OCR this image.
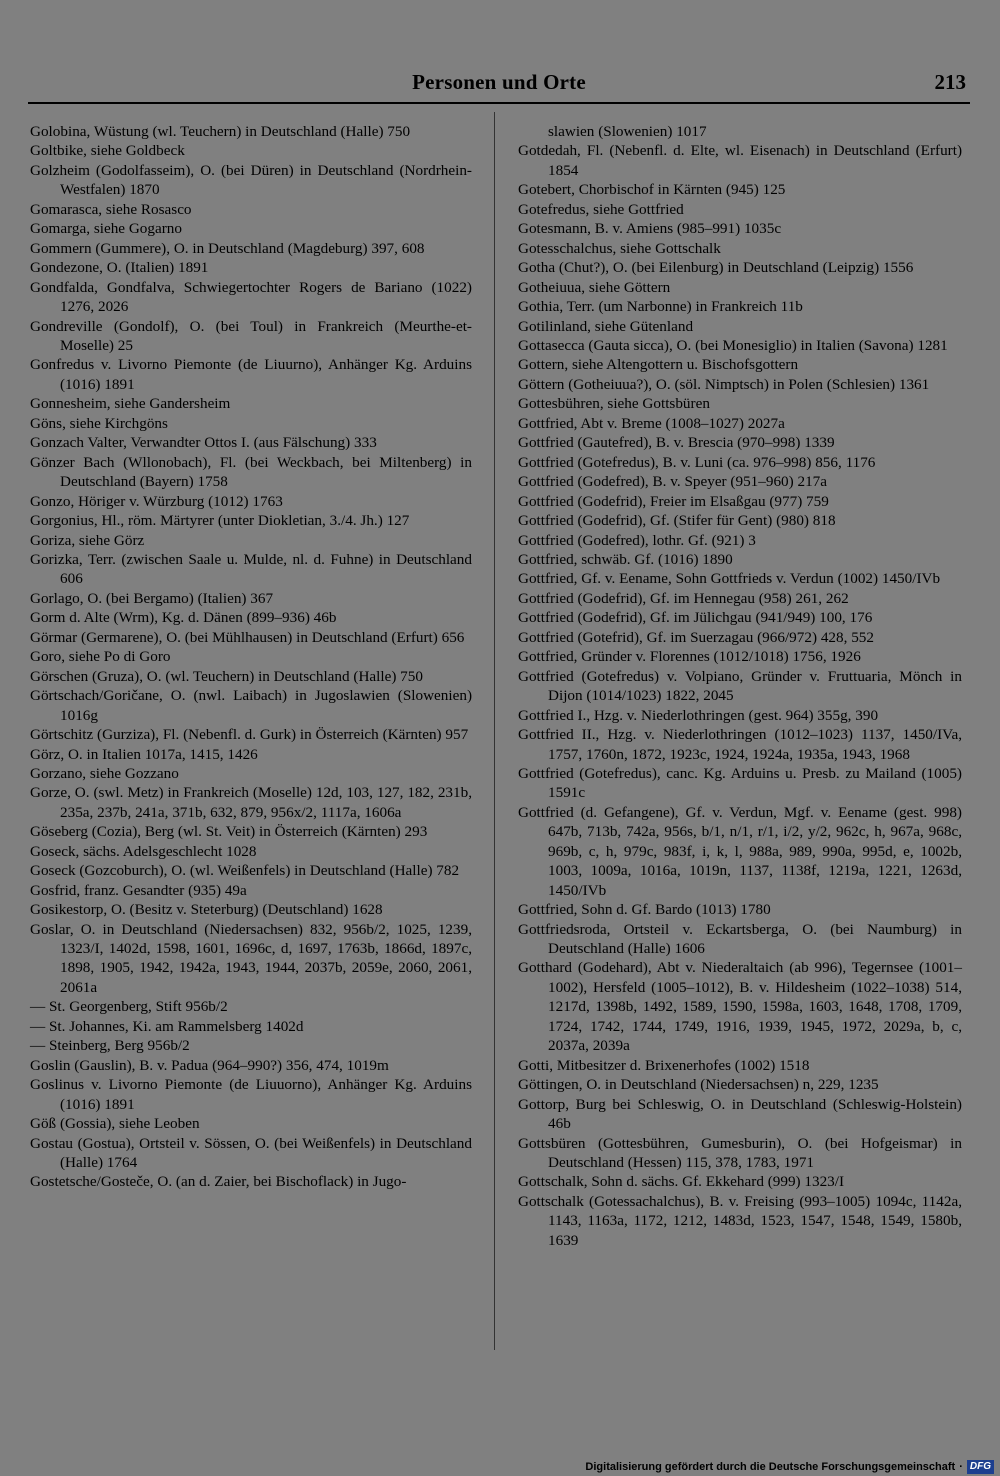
Personen und Orte	213

Golobina, Wüstung (wl. Teuchern) in Deutschland (Halle) 750

Goltbike, siehe Goldbeck

Golzheim (Godolfasseim), O. (bei Düren) in Deutschland (Nordrhein-Westfalen) 1870

Gomarasca, siehe Rosasco

Gomarga, siehe Gogarno

Gommern (Gummere), O. in Deutschland (Magdeburg) 397, 608

Gondezone, O. (Italien) 1891

Gondfalda, Gondfalva, Schwiegertochter Rogers de Bariano (1022) 1276, 2026

Gondreville (Gondolf), O. (bei Toul) in Frankreich (Meurthe-et-Moselle) 25

Gonfredus v. Livorno Piemonte (de Liuurno), Anhänger Kg. Arduins (1016) 1891

Gonnesheim, siehe Gandersheim

Göns, siehe Kirchgöns

Gonzach Valter, Verwandter Ottos I. (aus Fälschung) 333

Gönzer Bach (Wllonobach), Fl. (bei Weckbach, bei Miltenberg) in Deutschland (Bayern) 1758

Gonzo, Höriger v. Würzburg (1012) 1763

Gorgonius, Hl., röm. Märtyrer (unter Diokletian, 3./4. Jh.) 127

Goriza, siehe Görz

Gorizka, Terr. (zwischen Saale u. Mulde, nl. d. Fuhne) in Deutschland 606

Gorlago, O. (bei Bergamo) (Italien) 367

Gorm d. Alte (Wrm), Kg. d. Dänen (899–936) 46b

Görmar (Germarene), O. (bei Mühlhausen) in Deutschland (Erfurt) 656

Goro, siehe Po di Goro

Görschen (Gruza), O. (wl. Teuchern) in Deutschland (Halle) 750

Görtschach/Goričane, O. (nwl. Laibach) in Jugoslawien (Slowenien) 1016g

Görtschitz (Gurziza), Fl. (Nebenfl. d. Gurk) in Österreich (Kärnten) 957

Görz, O. in Italien 1017a, 1415, 1426

Gorzano, siehe Gozzano

Gorze, O. (swl. Metz) in Frankreich (Moselle) 12d, 103, 127, 182, 231b, 235a, 237b, 241a, 371b, 632, 879, 956x/2, 1117a, 1606a

Göseberg (Cozia), Berg (wl. St. Veit) in Österreich (Kärnten) 293

Goseck, sächs. Adelsgeschlecht 1028

Goseck (Gozcoburch), O. (wl. Weißenfels) in Deutschland (Halle) 782

Gosfrid, franz. Gesandter (935) 49a

Gosikestorp, O. (Besitz v. Steterburg) (Deutschland) 1628

Goslar, O. in Deutschland (Niedersachsen) 832, 956b/2, 1025, 1239, 1323/I, 1402d, 1598, 1601, 1696c, d, 1697, 1763b, 1866d, 1897c, 1898, 1905, 1942, 1942a, 1943, 1944, 2037b, 2059e, 2060, 2061, 2061a

— St. Georgenberg, Stift 956b/2

— St. Johannes, Ki. am Rammelsberg 1402d

— Steinberg, Berg 956b/2

Goslin (Gauslin), B. v. Padua (964–990?) 356, 474, 1019m

Goslinus v. Livorno Piemonte (de Liuuorno), Anhänger Kg. Arduins (1016) 1891

Göß (Gossia), siehe Leoben

Gostau (Gostua), Ortsteil v. Sössen, O. (bei Weißenfels) in Deutschland (Halle) 1764

Gostetsche/Gosteče, O. (an d. Zaier, bei Bischoflack) in Jugo-

slawien (Slowenien) 1017

Gotdedah, Fl. (Nebenfl. d. Elte, wl. Eisenach) in Deutschland (Erfurt) 1854

Gotebert, Chorbischof in Kärnten (945) 125

Gotefredus, siehe Gottfried

Gotesmann, B. v. Amiens (985–991) 1035c

Gotesschalchus, siehe Gottschalk

Gotha (Chut?), O. (bei Eilenburg) in Deutschland (Leipzig) 1556

Gotheiuua, siehe Göttern

Gothia, Terr. (um Narbonne) in Frankreich 11b

Gotilinland, siehe Gütenland

Gottasecca (Gauta sicca), O. (bei Monesiglio) in Italien (Savona) 1281

Gottern, siehe Altengottern u. Bischofsgottern

Göttern (Gotheiuua?), O. (söl. Nimptsch) in Polen (Schlesien) 1361

Gottesbühren, siehe Gottsbüren

Gottfried, Abt v. Breme (1008–1027) 2027a

Gottfried (Gautefred), B. v. Brescia (970–998) 1339

Gottfried (Gotefredus), B. v. Luni (ca. 976–998) 856, 1176

Gottfried (Godefred), B. v. Speyer (951–960) 217a

Gottfried (Godefrid), Freier im Elsaßgau (977) 759

Gottfried (Godefrid), Gf. (Stifer für Gent) (980) 818

Gottfried (Godefred), lothr. Gf. (921) 3

Gottfried, schwäb. Gf. (1016) 1890

Gottfried, Gf. v. Eename, Sohn Gottfrieds v. Verdun (1002) 1450/IVb

Gottfried (Godefrid), Gf. im Hennegau (958) 261, 262

Gottfried (Godefrid), Gf. im Jülichgau (941/949) 100, 176

Gottfried (Gotefrid), Gf. im Suerzagau (966/972) 428, 552

Gottfried, Gründer v. Florennes (1012/1018) 1756, 1926

Gottfried (Gotefredus) v. Volpiano, Gründer v. Fruttuaria, Mönch in Dijon (1014/1023) 1822, 2045

Gottfried I., Hzg. v. Niederlothringen (gest. 964) 355g, 390

Gottfried II., Hzg. v. Niederlothringen (1012–1023) 1137, 1450/IVa, 1757, 1760n, 1872, 1923c, 1924, 1924a, 1935a, 1943, 1968

Gottfried (Gotefredus), canc. Kg. Arduins u. Presb. zu Mailand (1005) 1591c

Gottfried (d. Gefangene), Gf. v. Verdun, Mgf. v. Eename (gest. 998) 647b, 713b, 742a, 956s, b/1, n/1, r/1, i/2, y/2, 962c, h, 967a, 968c, 969b, c, h, 979c, 983f, i, k, l, 988a, 989, 990a, 995d, e, 1002b, 1003, 1009a, 1016a, 1019n, 1137, 1138f, 1219a, 1221, 1263d, 1450/IVb

Gottfried, Sohn d. Gf. Bardo (1013) 1780

Gottfriedsroda, Ortsteil v. Eckartsberga, O. (bei Naumburg) in Deutschland (Halle) 1606

Gotthard (Godehard), Abt v. Niederaltaich (ab 996), Tegernsee (1001–1002), Hersfeld (1005–1012), B. v. Hildesheim (1022–1038) 514, 1217d, 1398b, 1492, 1589, 1590, 1598a, 1603, 1648, 1708, 1709, 1724, 1742, 1744, 1749, 1916, 1939, 1945, 1972, 2029a, b, c, 2037a, 2039a

Gotti, Mitbesitzer d. Brixenerhofes (1002) 1518

Göttingen, O. in Deutschland (Niedersachsen) n, 229, 1235

Gottorp, Burg bei Schleswig, O. in Deutschland (Schleswig-Holstein) 46b

Gottsbüren (Gottesbühren, Gumesburin), O. (bei Hofgeismar) in Deutschland (Hessen) 115, 378, 1783, 1971

Gottschalk, Sohn d. sächs. Gf. Ekkehard (999) 1323/I

Gottschalk (Gotessachalchus), B. v. Freising (993–1005) 1094c, 1142a, 1143, 1163a, 1172, 1212, 1483d, 1523, 1547, 1548, 1549, 1580b, 1639

Digitalisierung gefördert durch die Deutsche Forschungsgemeinschaft · DFG
